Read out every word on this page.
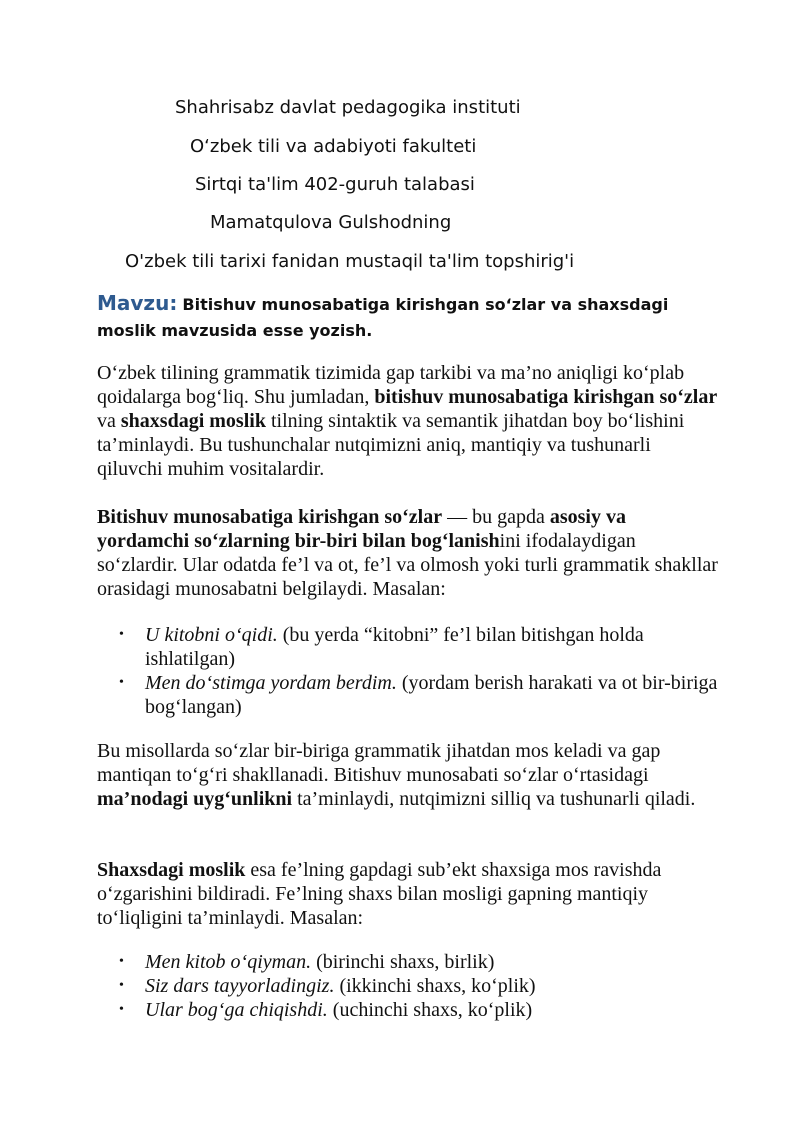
Shahrisabz davlat pedagogika instituti
O‘zbek tili va adabiyoti fakulteti
Sirtqi ta'lim 402-guruh talabasi
Mamatqulova Gulshodning
O'zbek tili tarixi fanidan mustaqil ta'lim topshirig'i
Mavzu: Bitishuv munosabatiga kirishgan so‘zlar va shaxsdagi moslik mavzusida esse yozish.
O‘zbek tilining grammatik tizimida gap tarkibi va ma’no aniqligi ko‘plab qoidalarga bog‘liq. Shu jumladan, bitishuv munosabatiga kirishgan so‘zlar va shaxsdagi moslik tilning sintaktik va semantik jihatdan boy bo‘lishini ta’minlaydi. Bu tushunchalar nutqimizni aniq, mantiqiy va tushunarli qiluvchi muhim vositalardir.
Bitishuv munosabatiga kirishgan so‘zlar — bu gapda asosiy va yordamchi so‘zlarning bir-biri bilan bog‘lanishini ifodalaydigan so‘zlardir. Ular odatda fe’l va ot, fe’l va olmosh yoki turli grammatik shakllar orasidagi munosabatni belgilaydi. Masalan:
• U kitobni o‘qidi. (bu yerda “kitobni” fe’l bilan bitishgan holda ishlatilgan)
• Men do‘stimga yordam berdim. (yordam berish harakati va ot bir-biriga bog‘langan)
Bu misollarda so‘zlar bir-biriga grammatik jihatdan mos keladi va gap mantiqan to‘g‘ri shakllanadi. Bitishuv munosabati so‘zlar o‘rtasidagi ma’nodagi uyg‘unlikni ta’minlaydi, nutqimizni silliq va tushunarli qiladi.
Shaxsdagi moslik esa fe’lning gapdagi sub’ekt shaxsiga mos ravishda o‘zgarishini bildiradi. Fe’lning shaxs bilan mosligi gapning mantiqiy to‘liqligini ta’minlaydi. Masalan:
• Men kitob o‘qiyman. (birinchi shaxs, birlik)
• Siz dars tayyorladingiz. (ikkinchi shaxs, ko‘plik)
• Ular bog‘ga chiqishdi. (uchinchi shaxs, ko‘plik)
